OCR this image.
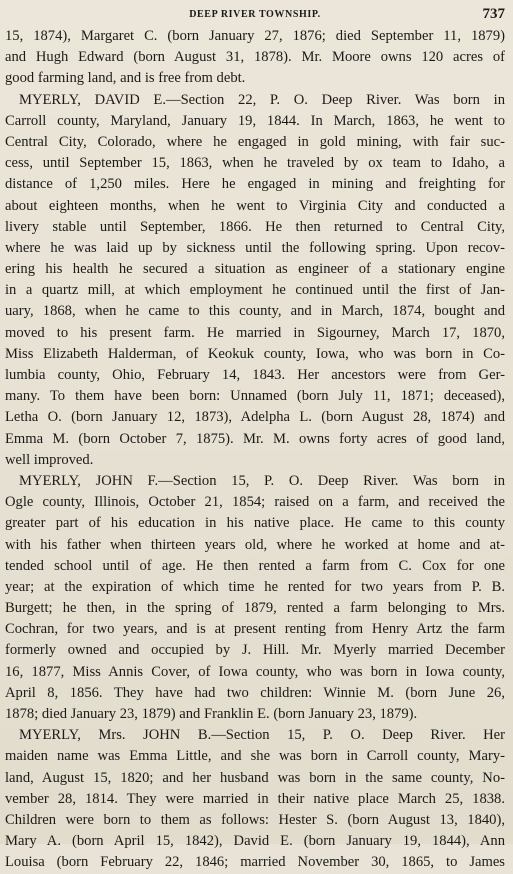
DEEP RIVER TOWNSHIP.	737
15, 1874), Margaret C. (born January 27, 1876; died September 11, 1879)
and Hugh Edward (born August 31, 1878). Mr. Moore owns 120 acres of
good farming land, and is free from debt.
MYERLY, DAVID E.—Section 22, P. O. Deep River. Was born in
Carroll county, Maryland, January 19, 1844. In March, 1863, he went to
Central City, Colorado, where he engaged in gold mining, with fair suc-
cess, until September 15, 1863, when he traveled by ox team to Idaho, a
distance of 1,250 miles. Here he engaged in mining and freighting for
about eighteen months, when he went to Virginia City and conducted a
livery stable until September, 1866. He then returned to Central City,
where he was laid up by sickness until the following spring. Upon recov-
ering his health he secured a situation as engineer of a stationary engine
in a quartz mill, at which employment he continued until the first of Jan-
uary, 1868, when he came to this county, and in March, 1874, bought and
moved to his present farm. He married in Sigourney, March 17, 1870,
Miss Elizabeth Halderman, of Keokuk county, Iowa, who was born in Co-
lumbia county, Ohio, February 14, 1843. Her ancestors were from Ger-
many. To them have been born: Unnamed (born July 11, 1871; deceased),
Letha O. (born January 12, 1873), Adelpha L. (born August 28, 1874) and
Emma M. (born October 7, 1875). Mr. M. owns forty acres of good land,
well improved.
MYERLY, JOHN F.—Section 15, P. O. Deep River. Was born in
Ogle county, Illinois, October 21, 1854; raised on a farm, and received the
greater part of his education in his native place. He came to this county
with his father when thirteen years old, where he worked at home and at-
tended school until of age. He then rented a farm from C. Cox for one
year; at the expiration of which time he rented for two years from P. B.
Burgett; he then, in the spring of 1879, rented a farm belonging to Mrs.
Cochran, for two years, and is at present renting from Henry Artz the farm
formerly owned and occupied by J. Hill. Mr. Myerly married December
16, 1877, Miss Annis Cover, of Iowa county, who was born in Iowa county,
April 8, 1856. They have had two children: Winnie M. (born June 26,
1878; died January 23, 1879) and Franklin E. (born January 23, 1879).
MYERLY, Mrs. JOHN B.—Section 15, P. O. Deep River. Her
maiden name was Emma Little, and she was born in Carroll county, Mary-
land, August 15, 1820; and her husband was born in the same county, No-
vember 28, 1814. They were married in their native place March 25, 1838.
Children were born to them as follows: Hester S. (born August 13, 1840),
Mary A. (born April 15, 1842), David E. (born January 19, 1844), Ann
Louisa (born February 22, 1846; married November 30, 1865, to James
